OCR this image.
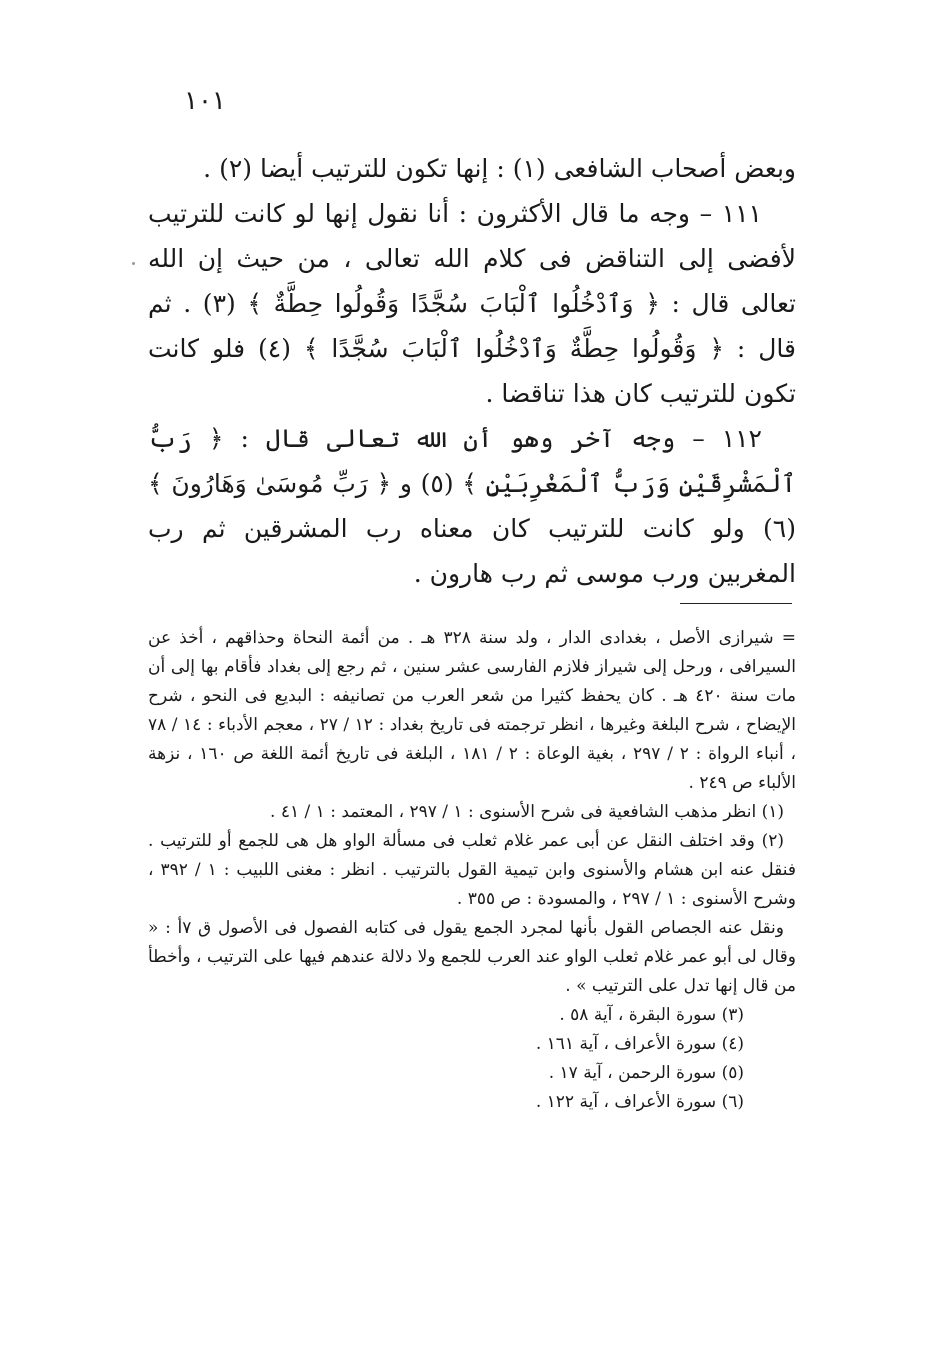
١٠١

وبعض أصحاب الشافعى (١) : إنها تكون للترتيب أيضا (٢) .

١١١ – وجه ما قال الأكثرون : أنا نقول إنها لو كانت للترتيب لأفضى إلى التناقض فى كلام الله تعالى ، من حيث إن الله تعالى قال : ﴿ وَٱدْخُلُوا ٱلْبَابَ سُجَّدًا وَقُولُوا حِطَّةٌ ﴾ (٣) . ثم قال : ﴿ وَقُولُوا حِطَّةٌ وَٱدْخُلُوا ٱلْبَابَ سُجَّدًا ﴾ (٤) فلو كانت تكون للترتيب كان هذا تناقضا .

١١٢ – وجه آخر وهو أن الله تعالى قال : ﴿ رَبُّ ٱلْمَشْرِقَيْنِ وَرَبُّ ٱلْمَغْرِبَيْنِ ﴾ (٥) و ﴿ رَبِّ مُوسَىٰ وَهَارُونَ ﴾ (٦) ولو كانت للترتيب كان معناه رب المشرقين ثم رب المغربين ورب موسى ثم رب هارون .

= شيرازى الأصل ، بغدادى الدار ، ولد سنة ٣٢٨ هـ . من أئمة النحاة وحذاقهم ، أخذ عن السيرافى ، ورحل إلى شيراز فلازم الفارسى عشر سنين ، ثم رجع إلى بغداد فأقام بها إلى أن مات سنة ٤٢٠ هـ . كان يحفظ كثيرا من شعر العرب من تصانيفه : البديع فى النحو ، شرح الإيضاح ، شرح البلغة وغيرها ، انظر ترجمته فى تاريخ بغداد : ١٢ / ٢٧ ، معجم الأدباء : ١٤ / ٧٨ ، أنباء الرواة : ٢ / ٢٩٧ ، بغية الوعاة : ٢ / ١٨١ ، البلغة فى تاريخ أئمة اللغة ص ١٦٠ ، نزهة الألباء ص ٢٤٩ .

(١) انظر مذهب الشافعية فى شرح الأسنوى : ١ / ٢٩٧ ، المعتمد : ١ / ٤١ .

(٢) وقد اختلف النقل عن أبى عمر غلام ثعلب فى مسألة الواو هل هى للجمع أو للترتيب . فنقل عنه ابن هشام والأسنوى وابن تيمية القول بالترتيب . انظر : مغنى اللبيب : ١ / ٣٩٢ ، وشرح الأسنوى : ١ / ٢٩٧ ، والمسودة : ص ٣٥٥ .

ونقل عنه الجصاص القول بأنها لمجرد الجمع يقول فى كتابه الفصول فى الأصول ق ٧أ : « وقال لى أبو عمر غلام ثعلب الواو عند العرب للجمع ولا دلالة عندهم فيها على الترتيب ، وأخطأ من قال إنها تدل على الترتيب » .

(٣) سورة البقرة ، آية ٥٨ .

(٤) سورة الأعراف ، آية ١٦١ .

(٥) سورة الرحمن ، آية ١٧ .

(٦) سورة الأعراف ، آية ١٢٢ .
